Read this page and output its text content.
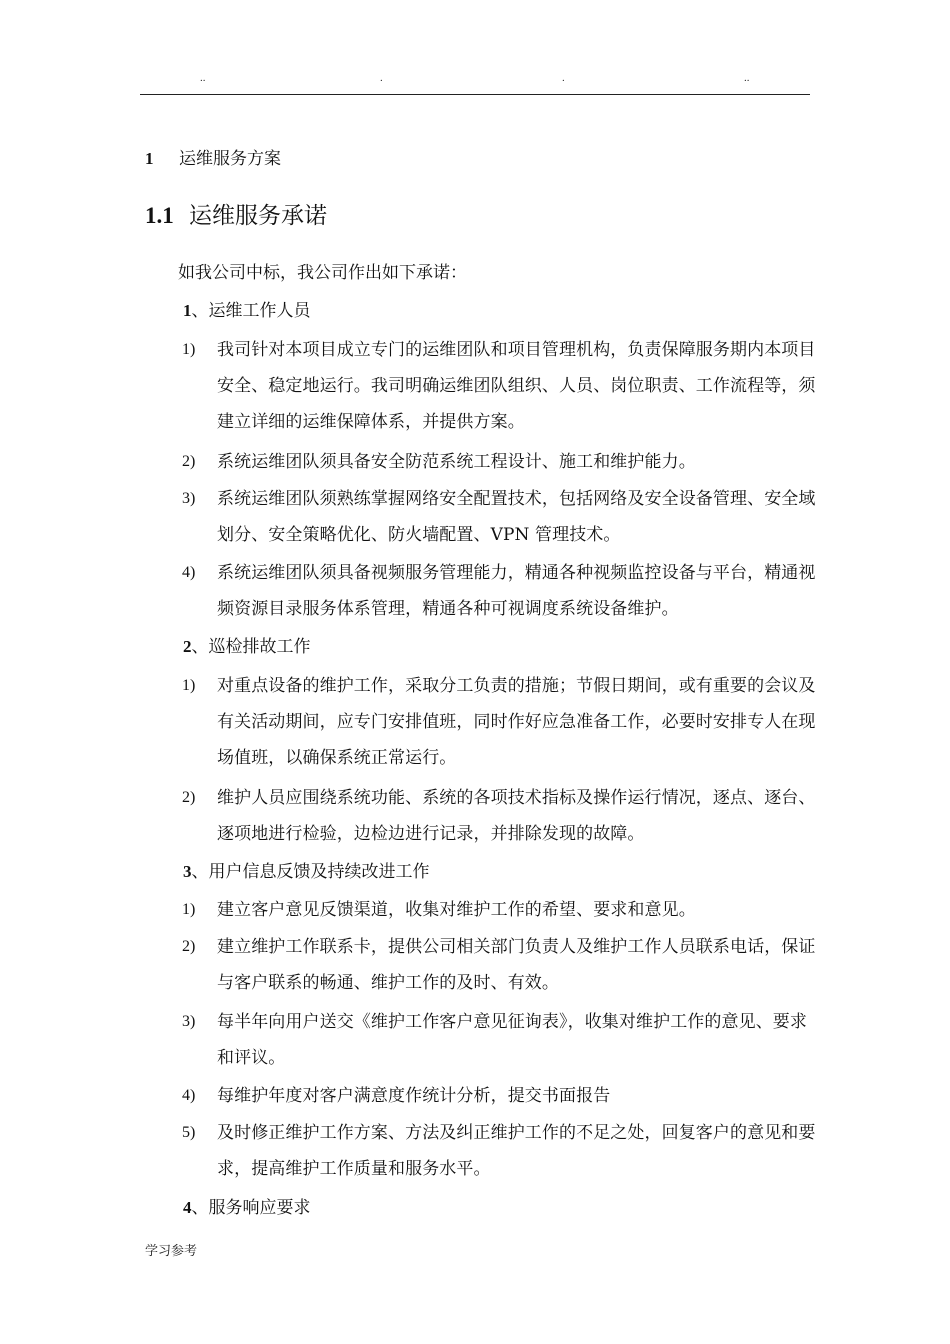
..	.	.	..
1 运维服务方案
1.1 运维服务承诺
如我公司中标，我公司作出如下承诺：
1、运维工作人员
1) 我司针对本项目成立专门的运维团队和项目管理机构，负责保障服务期内本项目安全、稳定地运行。我司明确运维团队组织、人员、岗位职责、工作流程等，须建立详细的运维保障体系，并提供方案。
2) 系统运维团队须具备安全防范系统工程设计、施工和维护能力。
3) 系统运维团队须熟练掌握网络安全配置技术，包括网络及安全设备管理、安全域划分、安全策略优化、防火墙配置、VPN 管理技术。
4) 系统运维团队须具备视频服务管理能力，精通各种视频监控设备与平台，精通视频资源目录服务体系管理，精通各种可视调度系统设备维护。
2、巡检排故工作
1) 对重点设备的维护工作，采取分工负责的措施；节假日期间，或有重要的会议及有关活动期间，应专门安排值班，同时作好应急准备工作，必要时安排专人在现场值班，以确保系统正常运行。
2) 维护人员应围绕系统功能、系统的各项技术指标及操作运行情况，逐点、逐台、逐项地进行检验，边检边进行记录，并排除发现的故障。
3、用户信息反馈及持续改进工作
1) 建立客户意见反馈渠道，收集对维护工作的希望、要求和意见。
2) 建立维护工作联系卡，提供公司相关部门负责人及维护工作人员联系电话，保证与客户联系的畅通、维护工作的及时、有效。
3) 每半年向用户送交《维护工作客户意见征询表》，收集对维护工作的意见、要求和评议。
4) 每维护年度对客户满意度作统计分析，提交书面报告
5) 及时修正维护工作方案、方法及纠正维护工作的不足之处，回复客户的意见和要求，提高维护工作质量和服务水平。
4、服务响应要求
学习参考
